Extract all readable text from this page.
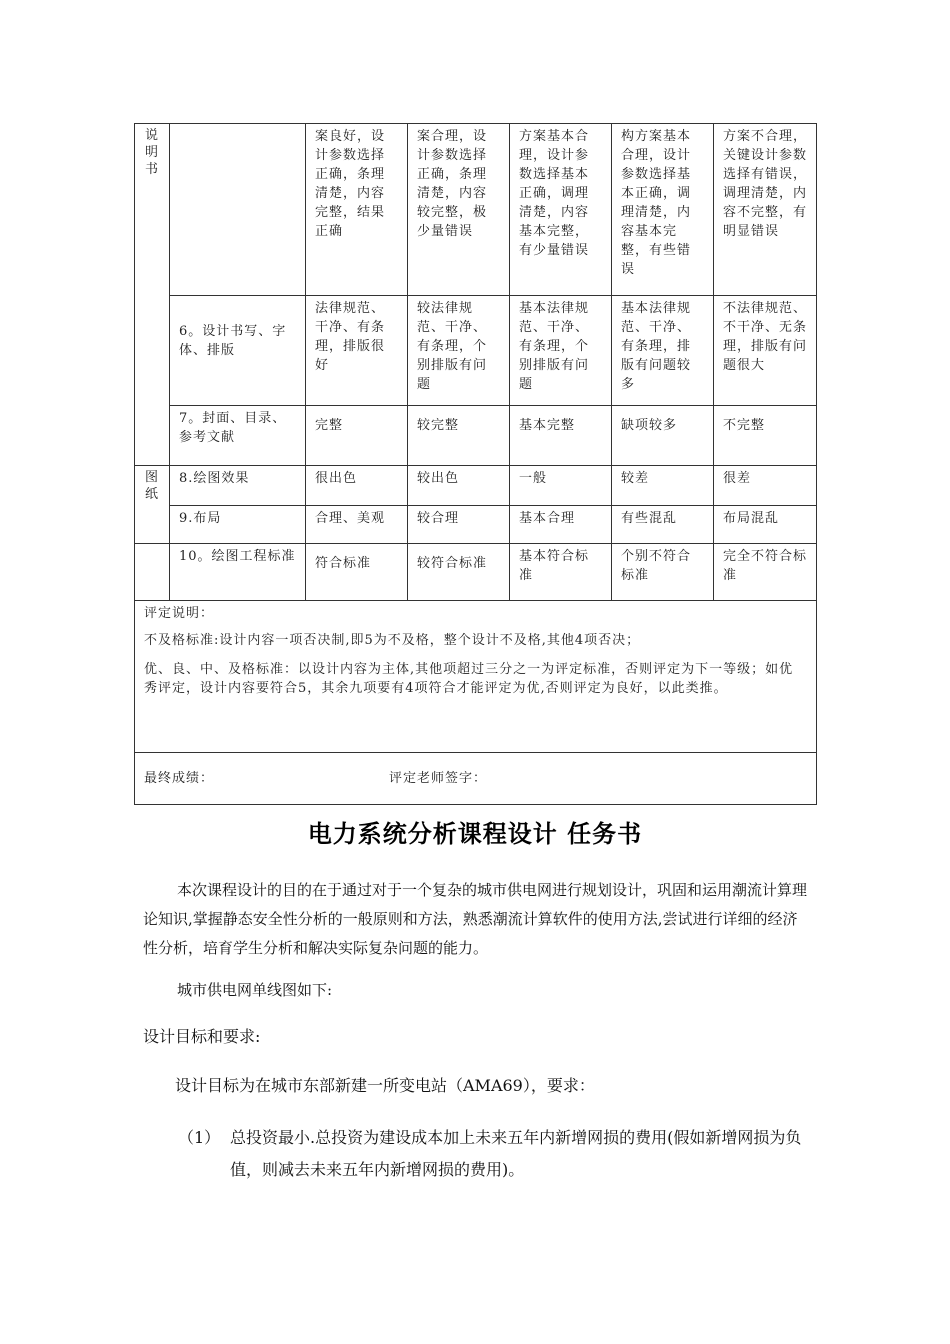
说明书		案良好，设计参数选择正确，条理清楚，内容完整，结果正确	案合理，设计参数选择正确，条理清楚，内容较完整，极少量错误	方案基本合理，设计参数选择基本正确，调理清楚，内容基本完整，有少量错误	构方案基本合理，设计参数选择基本正确，调理清楚，内容基本完整，有些错误	方案不合理，关键设计参数选择有错误，调理清楚，内容不完整，有明显错误
	6。设计书写、字体、排版	法律规范、干净、有条理，排版很好	较法律规范、干净、有条理，个别排版有问题	基本法律规范、干净、有条理，个别排版有问题	基本法律规范、干净、有条理，排版有问题较多	不法律规范、不干净、无条理，排版有问题很大
	7。封面、目录、参考文献	完整	较完整	基本完整	缺项较多	不完整
图纸	8.绘图效果	很出色	较出色	一般	较差	很差
	9.布局	合理、美观	较合理	基本合理	有些混乱	布局混乱
	10。绘图工程标准	符合标准	较符合标准	基本符合标准	个别不符合标准	完全不符合标准

评定说明：
不及格标准:设计内容一项否决制,即5为不及格，整个设计不及格,其他4项否决；
优、良、中、及格标准：以设计内容为主体,其他项超过三分之一为评定标准，否则评定为下一等级；如优秀评定，设计内容要符合5，其余九项要有4项符合才能评定为优,否则评定为良好，以此类推。						

最终成绩： 评定老师签字：						
电力系统分析课程设计 任务书
本次课程设计的目的在于通过对于一个复杂的城市供电网进行规划设计，巩固和运用潮流计算理论知识,掌握静态安全性分析的一般原则和方法，熟悉潮流计算软件的使用方法,尝试进行详细的经济性分析，培育学生分析和解决实际复杂问题的能力。
城市供电网单线图如下:
设计目标和要求:
设计目标为在城市东部新建一所变电站（AMA69），要求：
（1） 总投资最小.总投资为建设成本加上未来五年内新增网损的费用(假如新增网损为负值，则减去未来五年内新增网损的费用)。
